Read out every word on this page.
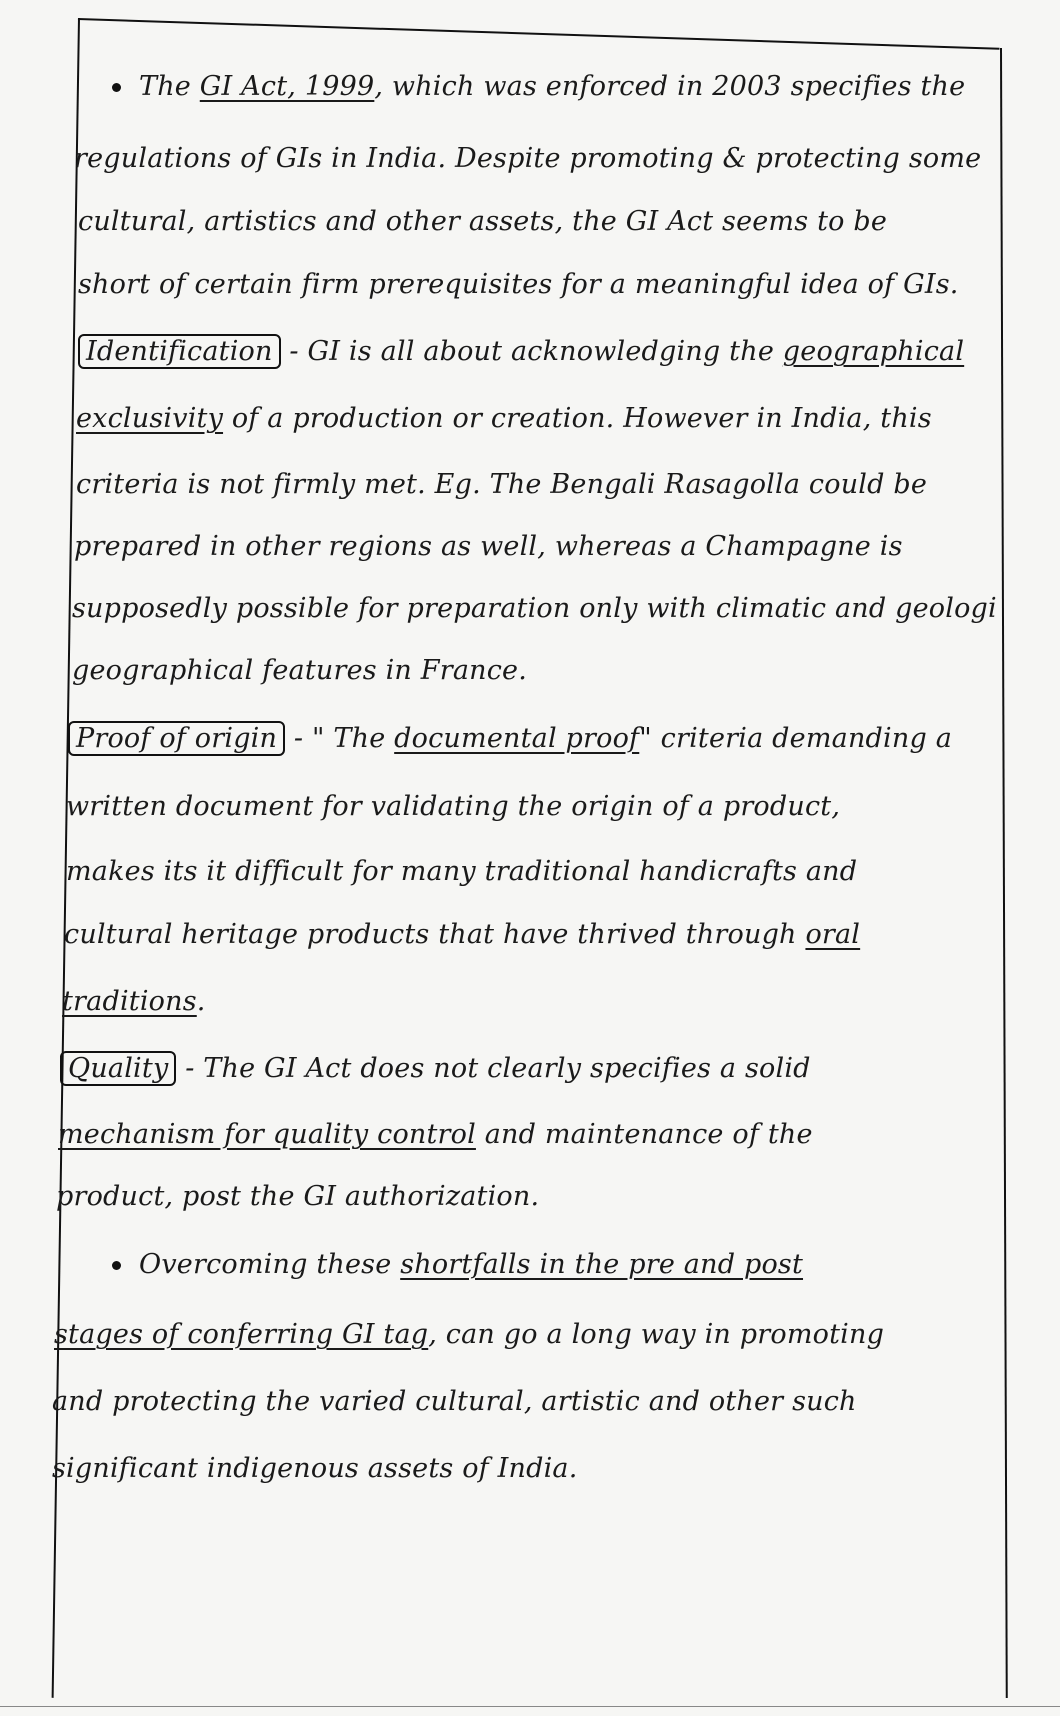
The GI Act, 1999, which was enforced in 2003 specifies the
regulations of GIs in India. Despite promoting & protecting some
cultural, artistics and other assets, the GI Act seems to be
short of certain firm prerequisites for a meaningful idea of GIs.
Identification - GI is all about acknowledging the geographical
exclusivity of a production or creation. However in India, this
criteria is not firmly met. Eg. The Bengali Rasagolla could be
prepared in other regions as well, whereas a Champagne is
supposedly possible for preparation only with climatic and geologi
geographical features in France.
Proof of origin - " The documental proof" criteria demanding a
written document for validating the origin of a product,
makes its it difficult for many traditional handicrafts and
cultural heritage products that have thrived through oral
traditions.
Quality - The GI Act does not clearly specifies a solid
mechanism for quality control and maintenance of the
product, post the GI authorization.
Overcoming these shortfalls in the pre and post
stages of conferring GI tag, can go a long way in promoting
and protecting the varied cultural, artistic and other such
significant indigenous assets of India.
